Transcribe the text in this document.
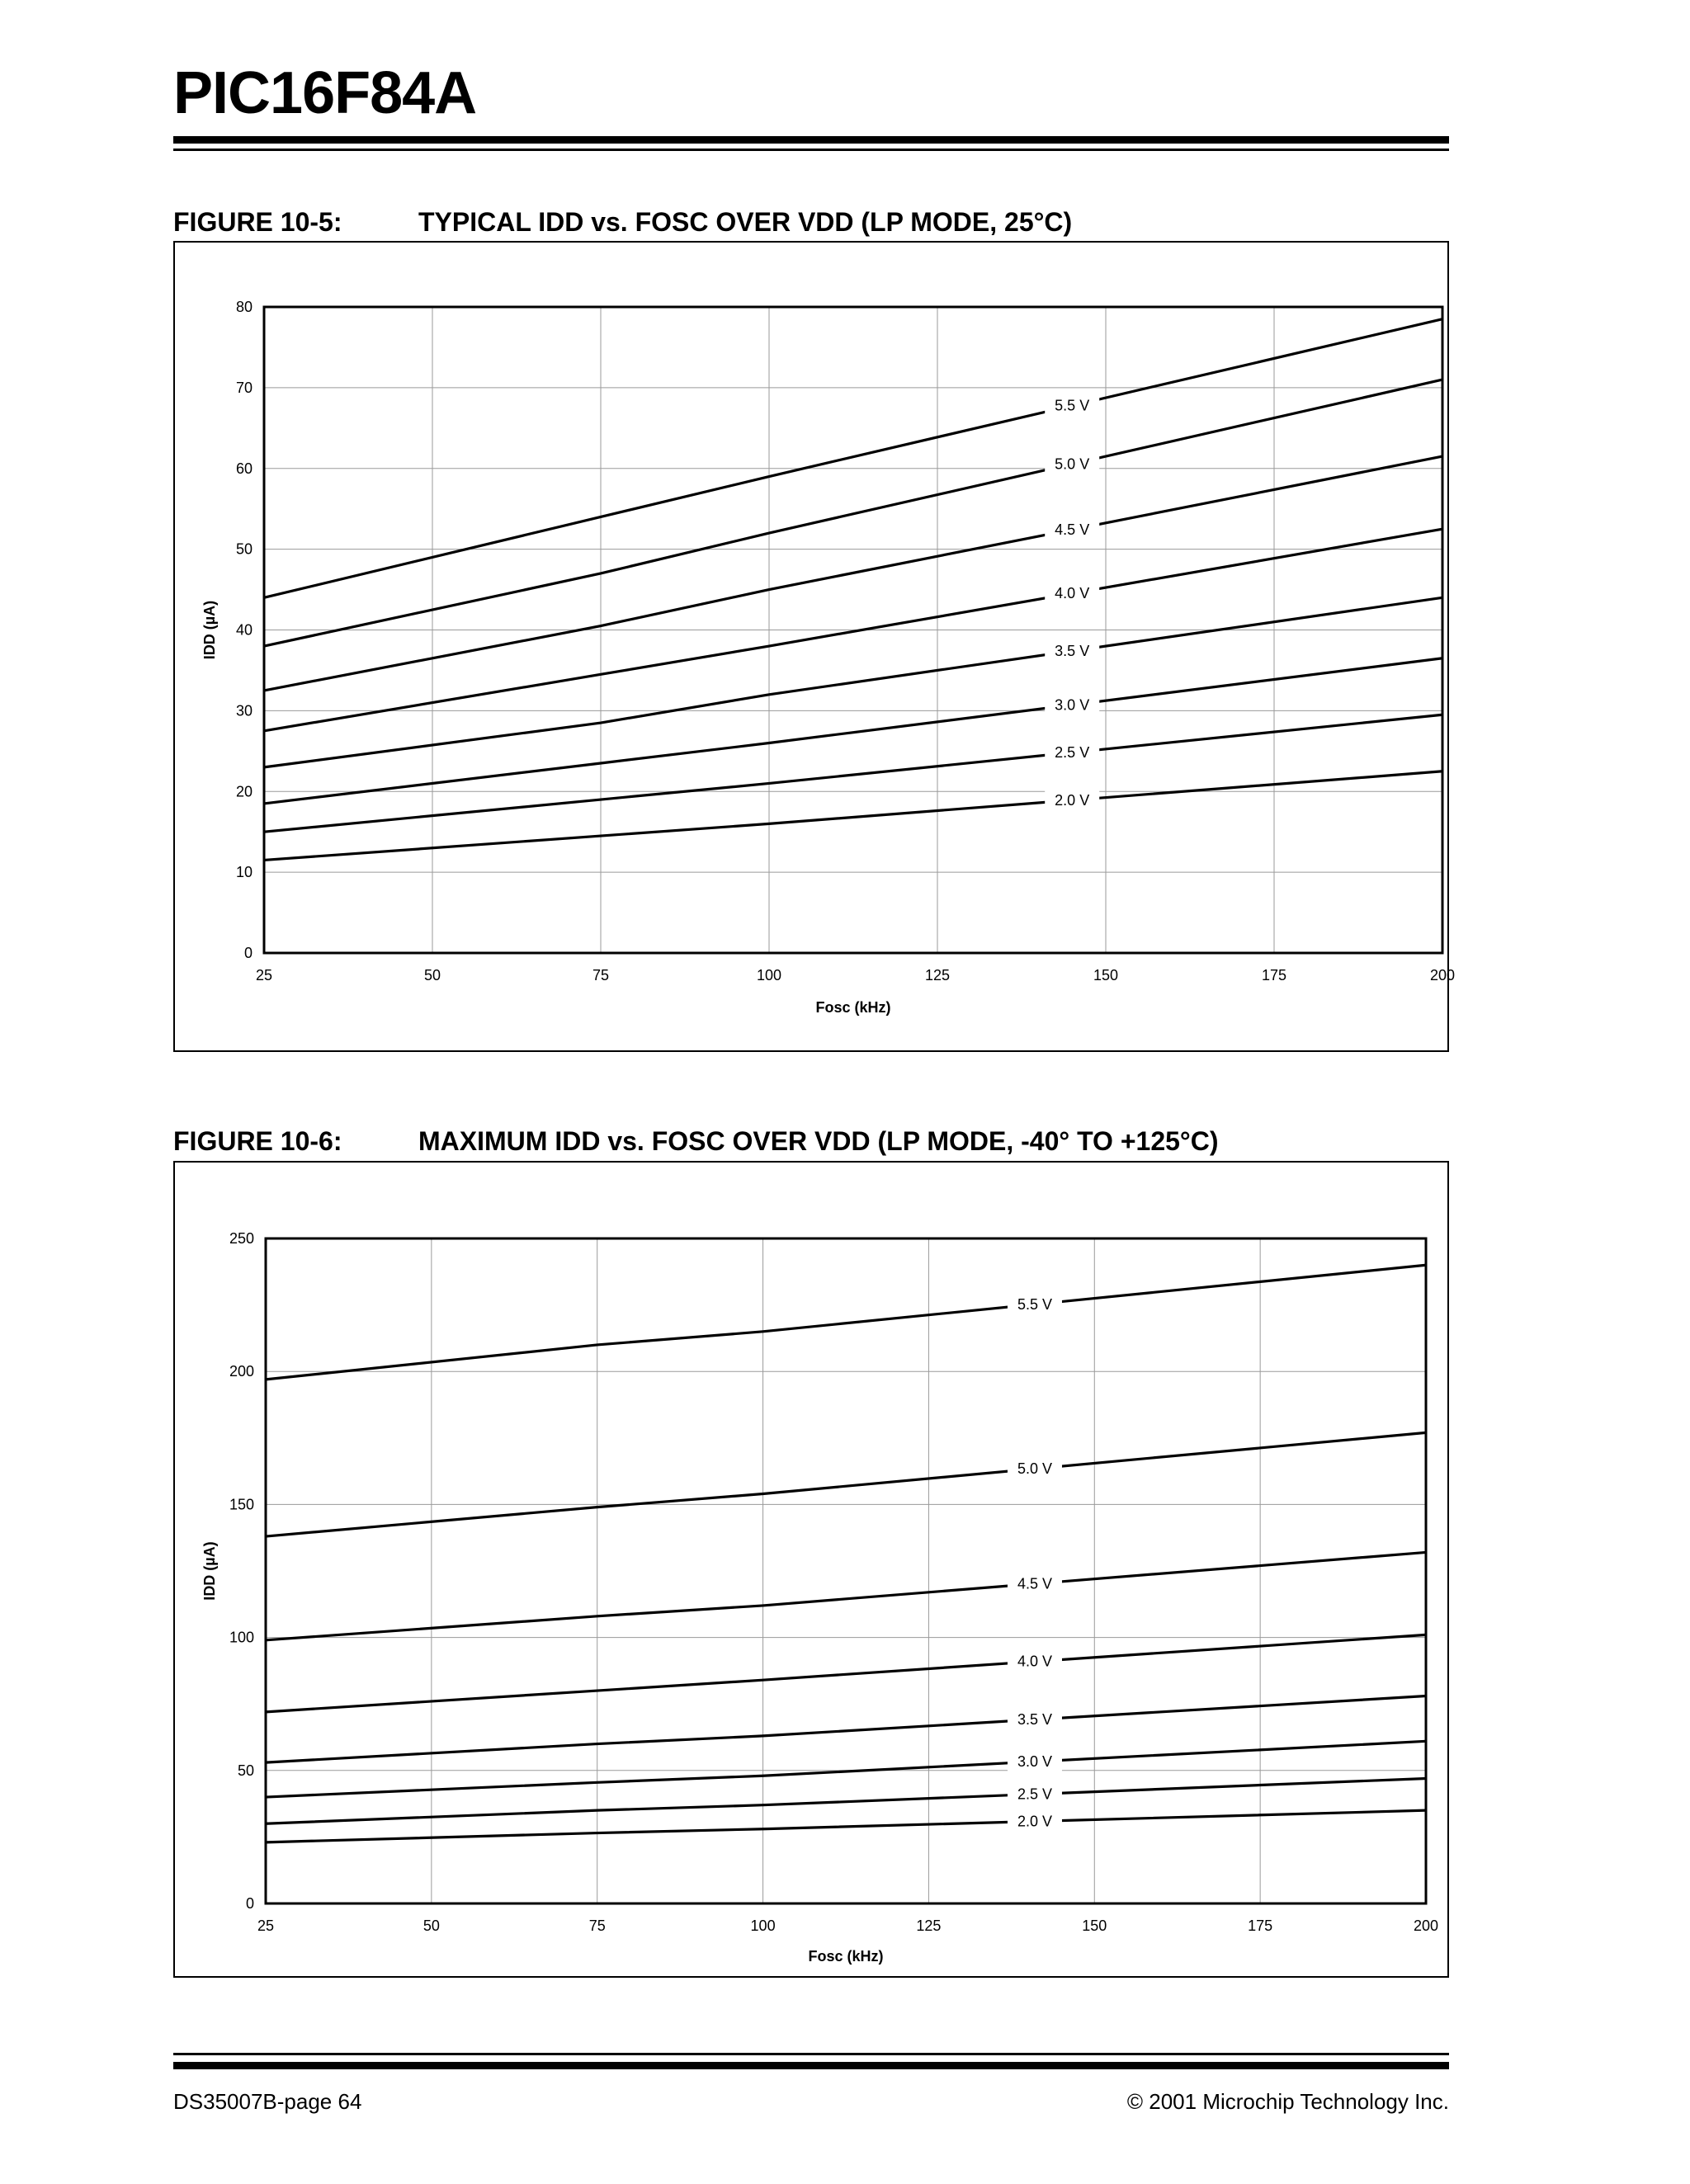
PIC16F84A
FIGURE 10-5:	TYPICAL IDD vs. FOSC OVER VDD (LP MODE, 25°C)
25	50	75	100	125	150	175	200
0
10
20
30
40
50
60
70
80
Fosc (kHz)
IDD (µA)
5.5 V
5.0 V
4.5 V
4.0 V
3.5 V
3.0 V
2.5 V
2.0 V
FIGURE 10-6:	MAXIMUM IDD vs. FOSC OVER VDD (LP MODE, -40° TO +125°C)
25	50	75	100	125	150	175	200
0
50
100
150
200
250
Fosc (kHz)
IDD (µA)
5.5 V
5.0 V
4.5 V
4.0 V
3.5 V
3.0 V
2.5 V
2.0 V
DS35007B-page 64	© 2001 Microchip Technology Inc.
